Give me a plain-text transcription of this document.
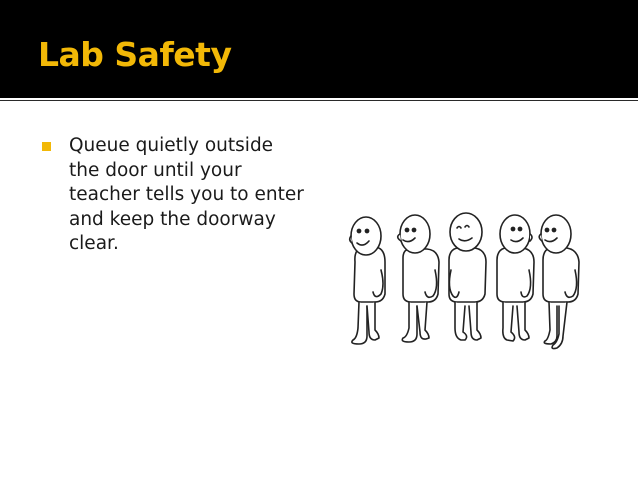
Lab Safety
Queue quietly outside the door until your teacher tells you to enter and keep the doorway clear.
